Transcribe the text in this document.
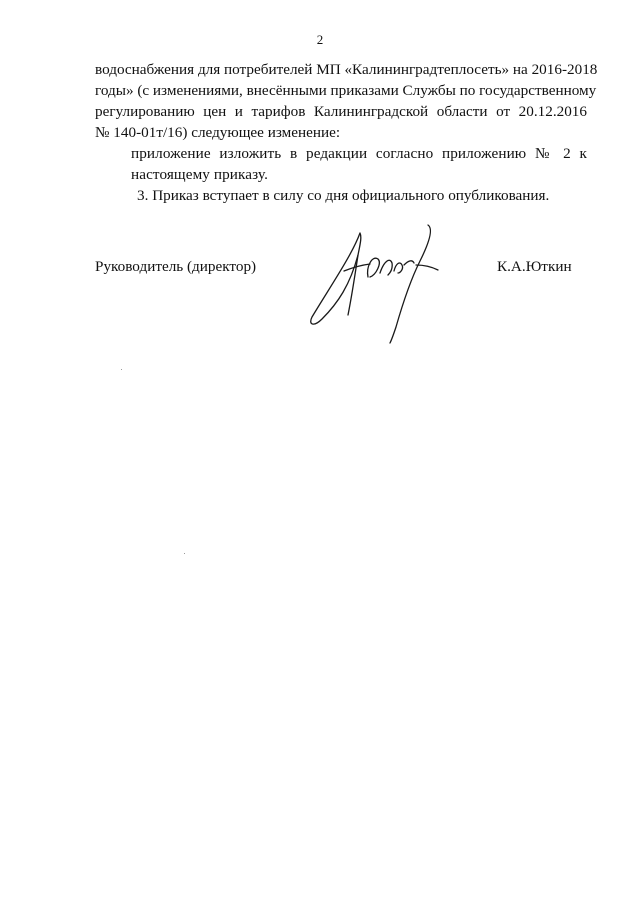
2
водоснабжения для потребителей МП «Калининградтеплосеть» на 2016-2018
годы» (с изменениями, внесёнными приказами Службы по государственному
регулированию цен и тарифов Калининградской области от 20.12.2016
№ 140-01т/16) следующее изменение:
приложение изложить в редакции согласно приложению № 2 к
настоящему приказу.
3. Приказ вступает в силу со дня официального опубликования.
Руководитель (директор)	К.А.Юткин
